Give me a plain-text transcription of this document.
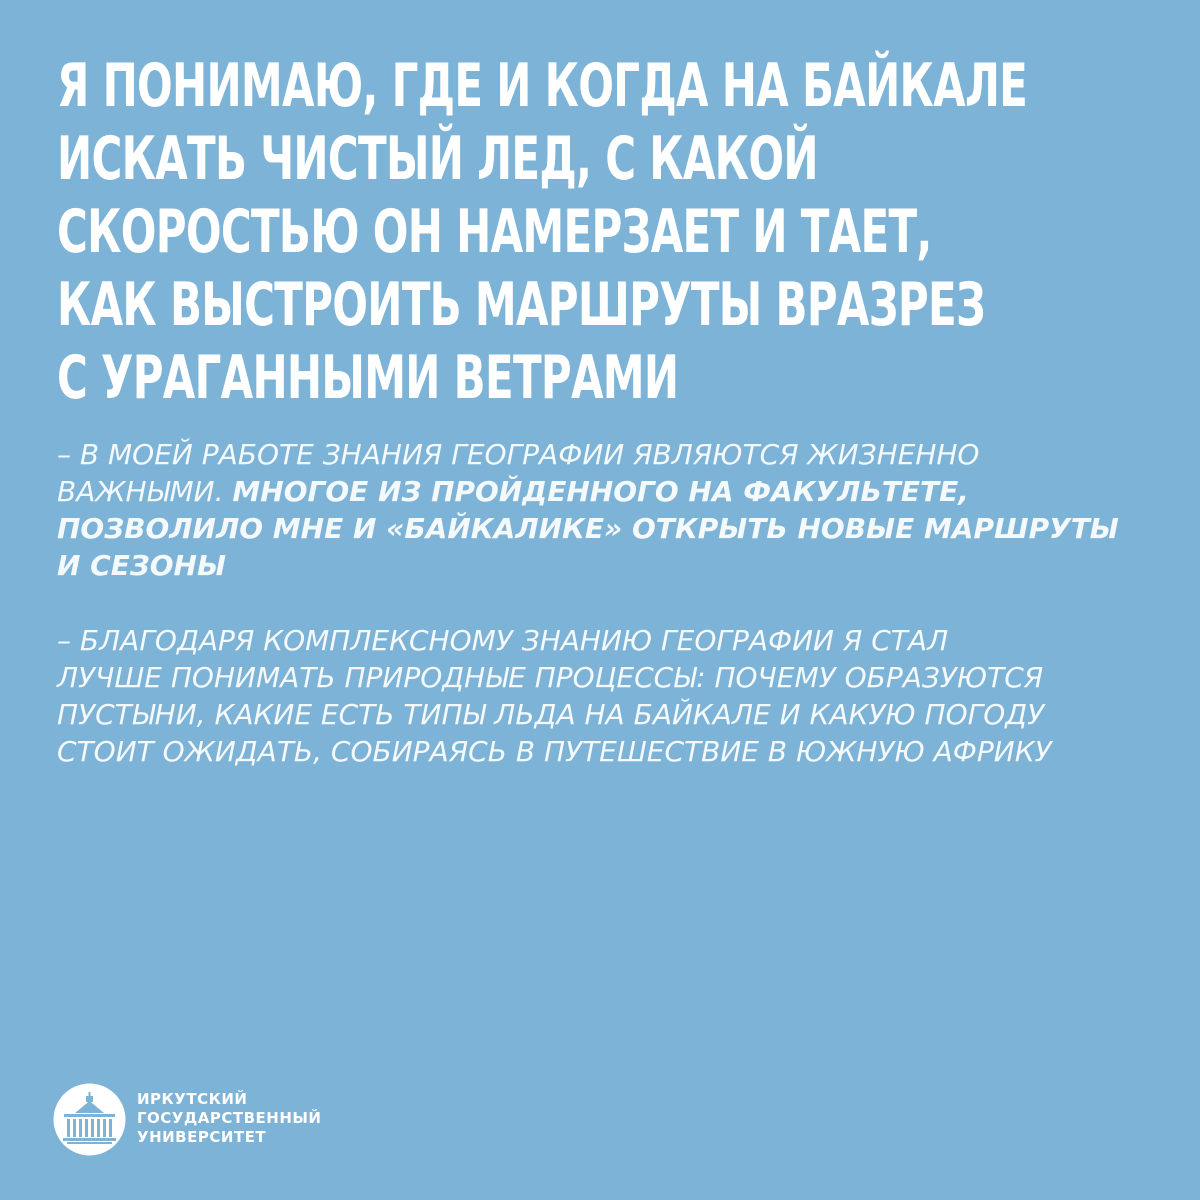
Я ПОНИМАЮ, ГДЕ И КОГДА НА БАЙКАЛЕ
ИСКАТЬ ЧИСТЫЙ ЛЕД, С КАКОЙ
СКОРОСТЬЮ ОН НАМЕРЗАЕТ И ТАЕТ,
КАК ВЫСТРОИТЬ МАРШРУТЫ ВРАЗРЕЗ
С УРАГАННЫМИ ВЕТРАМИ

– В МОЕЙ РАБОТЕ ЗНАНИЯ ГЕОГРАФИИ ЯВЛЯЮТСЯ ЖИЗНЕННО
ВАЖНЫМИ. МНОГОЕ ИЗ ПРОЙДЕННОГО НА ФАКУЛЬТЕТЕ,
ПОЗВОЛИЛО МНЕ И «БАЙКАЛИКЕ» ОТКРЫТЬ НОВЫЕ МАРШРУТЫ
И СЕЗОНЫ

– БЛАГОДАРЯ КОМПЛЕКСНОМУ ЗНАНИЮ ГЕОГРАФИИ Я СТАЛ
ЛУЧШЕ ПОНИМАТЬ ПРИРОДНЫЕ ПРОЦЕССЫ: ПОЧЕМУ ОБРАЗУЮТСЯ
ПУСТЫНИ, КАКИЕ ЕСТЬ ТИПЫ ЛЬДА НА БАЙКАЛЕ И КАКУЮ ПОГОДУ
СТОИТ ОЖИДАТЬ, СОБИРАЯСЬ В ПУТЕШЕСТВИЕ В ЮЖНУЮ АФРИКУ

ИРКУТСКИЙ
ГОСУДАРСТВЕННЫЙ
УНИВЕРСИТЕТ
